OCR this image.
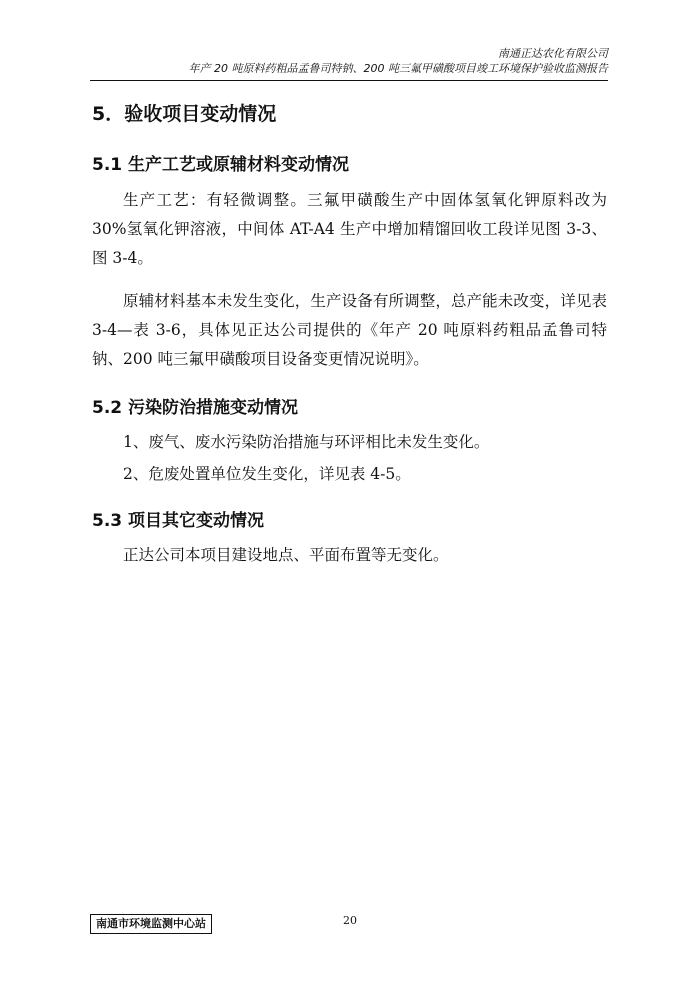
南通正达农化有限公司
年产 20 吨原料药粗品孟鲁司特钠、200 吨三氟甲磺酸项目竣工环境保护验收监测报告
5．验收项目变动情况
5.1 生产工艺或原辅材料变动情况
生产工艺：有轻微调整。三氟甲磺酸生产中固体氢氧化钾原料改为 30%氢氧化钾溶液，中间体 AT-A4 生产中增加精馏回收工段详见图 3-3、图 3-4。
原辅材料基本未发生变化，生产设备有所调整，总产能未改变，详见表 3-4—表 3-6，具体见正达公司提供的《年产 20 吨原料药粗品孟鲁司特钠、200 吨三氟甲磺酸项目设备变更情况说明》。
5.2 污染防治措施变动情况
1、废气、废水污染防治措施与环评相比未发生变化。
2、危废处置单位发生变化，详见表 4-5。
5.3 项目其它变动情况
正达公司本项目建设地点、平面布置等无变化。
南通市环境监测中心站	20
